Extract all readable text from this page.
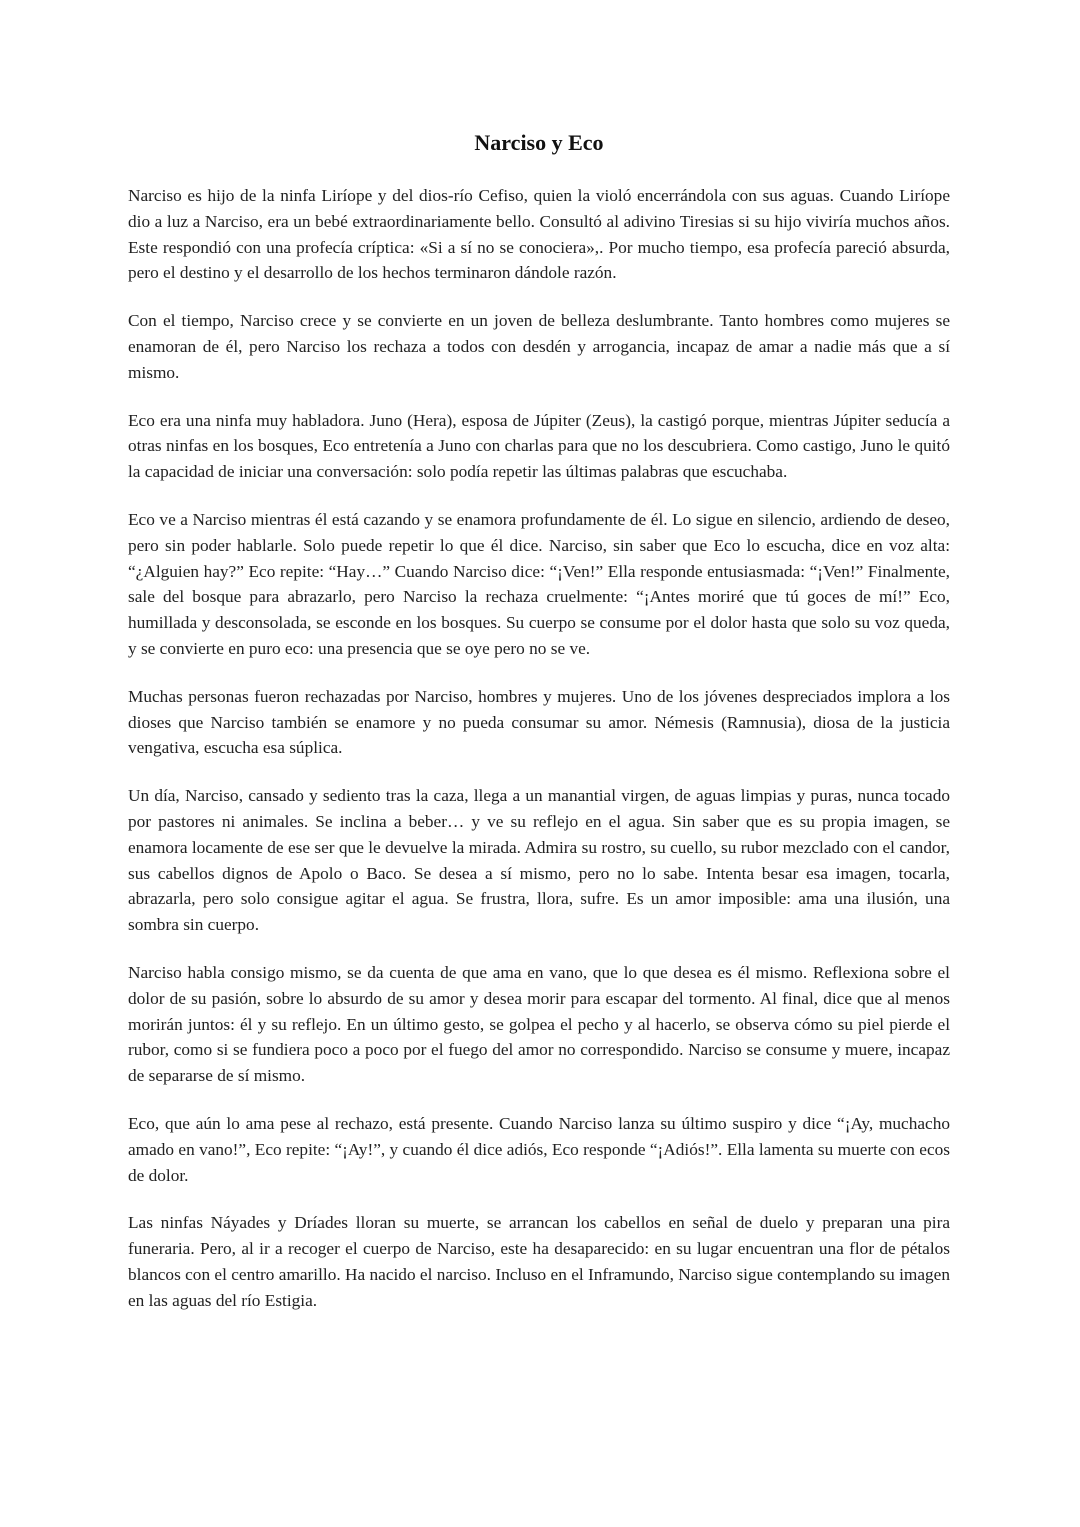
Narciso y Eco

Narciso es hijo de la ninfa Liríope y del dios-río Cefiso, quien la violó encerrándola con sus aguas. Cuando Liríope dio a luz a Narciso, era un bebé extraordinariamente bello. Consultó al adivino Tiresias si su hijo viviría muchos años. Este respondió con una profecía críptica: «Si a sí no se conociera»,. Por mucho tiempo, esa profecía pareció absurda, pero el destino y el desarrollo de los hechos terminaron dándole razón.

Con el tiempo, Narciso crece y se convierte en un joven de belleza deslumbrante. Tanto hombres como mujeres se enamoran de él, pero Narciso los rechaza a todos con desdén y arrogancia, incapaz de amar a nadie más que a sí mismo.

Eco era una ninfa muy habladora. Juno (Hera), esposa de Júpiter (Zeus), la castigó porque, mientras Júpiter seducía a otras ninfas en los bosques, Eco entretenía a Juno con charlas para que no los descubriera. Como castigo, Juno le quitó la capacidad de iniciar una conversación: solo podía repetir las últimas palabras que escuchaba.

Eco ve a Narciso mientras él está cazando y se enamora profundamente de él. Lo sigue en silencio, ardiendo de deseo, pero sin poder hablarle. Solo puede repetir lo que él dice. Narciso, sin saber que Eco lo escucha, dice en voz alta: “¿Alguien hay?” Eco repite: “Hay…” Cuando Narciso dice: “¡Ven!” Ella responde entusiasmada: “¡Ven!” Finalmente, sale del bosque para abrazarlo, pero Narciso la rechaza cruelmente: “¡Antes moriré que tú goces de mí!” Eco, humillada y desconsolada, se esconde en los bosques. Su cuerpo se consume por el dolor hasta que solo su voz queda, y se convierte en puro eco: una presencia que se oye pero no se ve.

Muchas personas fueron rechazadas por Narciso, hombres y mujeres. Uno de los jóvenes despreciados implora a los dioses que Narciso también se enamore y no pueda consumar su amor. Némesis (Ramnusia), diosa de la justicia vengativa, escucha esa súplica.

Un día, Narciso, cansado y sediento tras la caza, llega a un manantial virgen, de aguas limpias y puras, nunca tocado por pastores ni animales. Se inclina a beber… y ve su reflejo en el agua. Sin saber que es su propia imagen, se enamora locamente de ese ser que le devuelve la mirada. Admira su rostro, su cuello, su rubor mezclado con el candor, sus cabellos dignos de Apolo o Baco. Se desea a sí mismo, pero no lo sabe. Intenta besar esa imagen, tocarla, abrazarla, pero solo consigue agitar el agua. Se frustra, llora, sufre. Es un amor imposible: ama una ilusión, una sombra sin cuerpo.

Narciso habla consigo mismo, se da cuenta de que ama en vano, que lo que desea es él mismo. Reflexiona sobre el dolor de su pasión, sobre lo absurdo de su amor y desea morir para escapar del tormento. Al final, dice que al menos morirán juntos: él y su reflejo. En un último gesto, se golpea el pecho y al hacerlo, se observa cómo su piel pierde el rubor, como si se fundiera poco a poco por el fuego del amor no correspondido. Narciso se consume y muere, incapaz de separarse de sí mismo.

Eco, que aún lo ama pese al rechazo, está presente. Cuando Narciso lanza su último suspiro y dice “¡Ay, muchacho amado en vano!”, Eco repite: “¡Ay!”, y cuando él dice adiós, Eco responde “¡Adiós!”. Ella lamenta su muerte con ecos de dolor.

Las ninfas Náyades y Dríades lloran su muerte, se arrancan los cabellos en señal de duelo y preparan una pira funeraria. Pero, al ir a recoger el cuerpo de Narciso, este ha desaparecido: en su lugar encuentran una flor de pétalos blancos con el centro amarillo. Ha nacido el narciso. Incluso en el Inframundo, Narciso sigue contemplando su imagen en las aguas del río Estigia.
